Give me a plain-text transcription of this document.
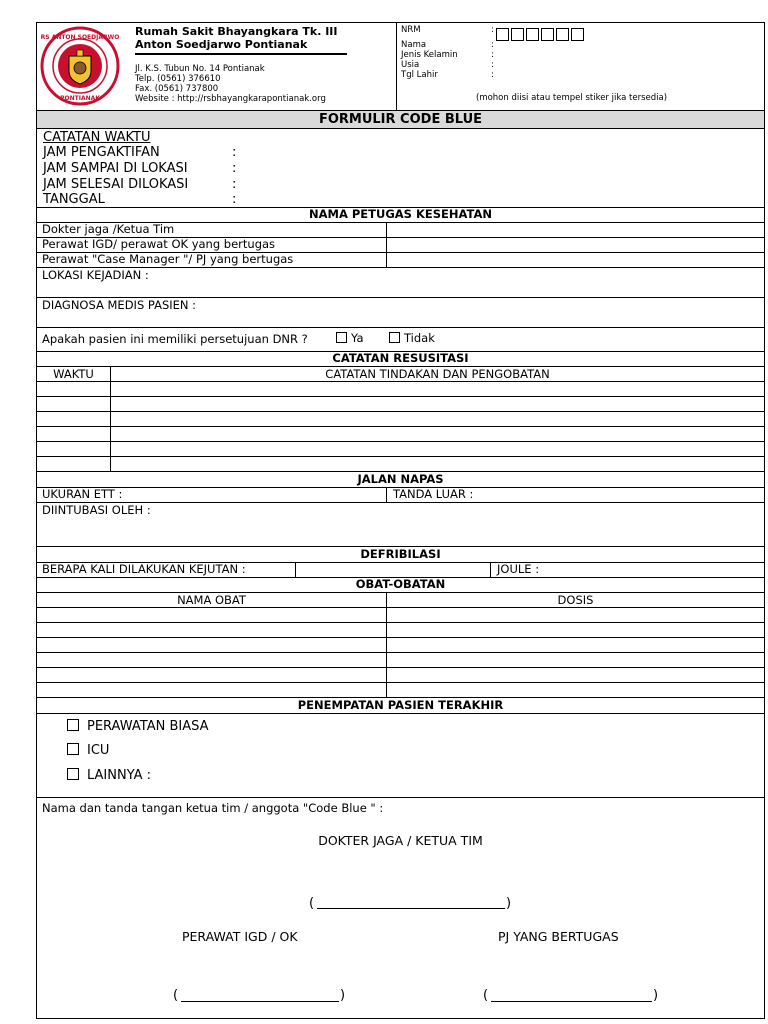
RS ANTON SOEDJARWO
PONTIANAK
Rumah Sakit Bhayangkara Tk. III
Anton Soedjarwo Pontianak
Jl. K.S. Tubun No. 14 Pontianak
Telp. (0561) 376610
Fax. (0561) 737800
Website : http://rsbhayangkarapontianak.org
NRM	:
Nama	:
Jenis Kelamin	:
Usia	:
Tgl Lahir	:
(mohon diisi atau tempel stiker jika tersedia)
FORMULIR CODE BLUE
CATATAN WAKTU
JAM PENGAKTIFAN	:
JAM SAMPAI DI LOKASI	:
JAM SELESAI DILOKASI	:
TANGGAL	:
NAMA PETUGAS KESEHATAN
Dokter jaga /Ketua Tim
Perawat IGD/ perawat OK yang bertugas
Perawat "Case Manager "/ PJ yang bertugas
LOKASI KEJADIAN :
DIAGNOSA MEDIS PASIEN :
Apakah pasien ini memiliki persetujuan DNR ?	Ya	Tidak
CATATAN RESUSITASI
WAKTU	CATATAN TINDAKAN DAN PENGOBATAN
JALAN NAPAS
UKURAN ETT :	TANDA LUAR :
DIINTUBASI OLEH :
DEFRIBILASI
BERAPA KALI DILAKUKAN KEJUTAN :	JOULE :
OBAT-OBATAN
NAMA OBAT	DOSIS
PENEMPATAN PASIEN TERAKHIR
PERAWATAN BIASA
ICU
LAINNYA :
Nama dan tanda tangan ketua tim / anggota "Code Blue " :
DOKTER JAGA / KETUA TIM
(	)
PERAWAT IGD / OK	PJ YANG BERTUGAS
(	)	(	)
